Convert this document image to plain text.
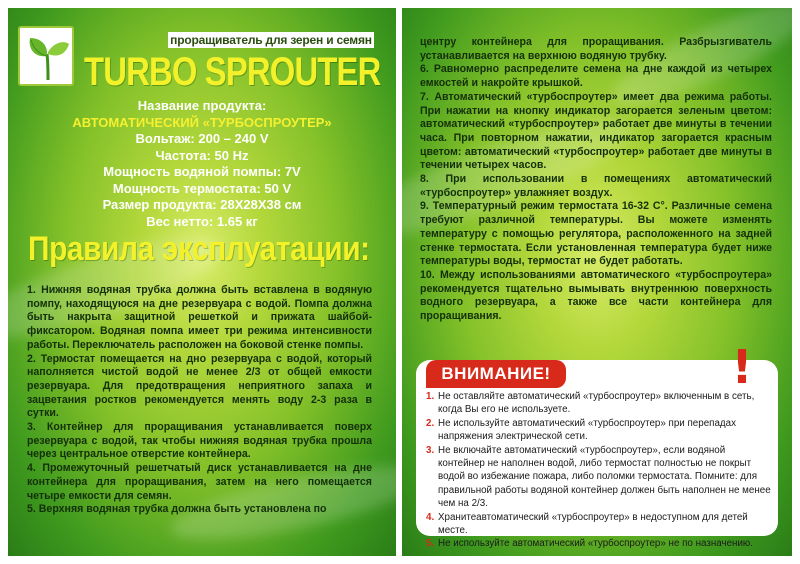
проращиватель для зерен и семян
TURBO SPROUTER
Название продукта:
АВТОМАТИЧЕСКИЙ «ТУРБОСПРОУТЕР»
Вольтаж: 200 – 240 V
Частота: 50 Hz
Мощность водяной помпы: 7V
Мощность термостата: 50 V
Размер продукта: 28X28X38 см
Вес нетто: 1.65 кг
Правила эксплуатации:

1. Нижняя водяная трубка должна быть вставлена в водяную помпу, находящуюся на дне резервуара с водой. Помпа должна быть накрыта защитной решеткой и прижата шайбой-фиксатором. Водяная помпа имеет три режима интенсивности работы. Переключатель расположен на боковой стенке помпы.

2. Термостат помещается на дно резервуара с водой, который наполняется чистой водой не менее 2/3 от общей емкости резервуара. Для предотвращения неприятного запаха и зацветания ростков рекомендуется менять воду 2-3 раза в сутки.

3. Контейнер для проращивания устанавливается поверх резервуара с водой, так чтобы нижняя водяная трубка прошла через центральное отверстие контейнера.

4. Промежуточный решетчатый диск устанавливается на дне контейнера для проращивания, затем на него помещается четыре емкости для семян.

5. Верхняя водяная трубка должна быть установлена по

центру контейнера для проращивания. Разбрызгиватель устанавливается на верхнюю водяную трубку.

6. Равномерно распределите семена на дне каждой из четырех емкостей и накройте крышкой.

7. Автоматический «турбоспроутер» имеет два режима работы. При нажатии на кнопку индикатор загорается зеленым цветом: автоматический «турбоспроутер» работает две минуты в течении часа. При повторном нажатии, индикатор загорается красным цветом: автоматический «турбоспроутер» работает две минуты в течении четырех часов.

8. При использовании в помещениях автоматический «турбоспроутер» увлажняет воздух.

9. Температурный режим термостата 16-32 С°. Различные семена требуют различной температуры. Вы можете изменять температуру с помощью регулятора, расположенного на задней стенке термостата. Если установленная температура будет ниже температуры воды, термостат не будет работать.

10. Между использованиями автоматического «турбоспроутера» рекомендуется тщательно вымывать внутреннюю поверхность водного резервуара, а также все части контейнера для проращивания.

ВНИМАНИЕ!	!
1. Не оставляйте автоматический «турбоспроутер» включенным в сеть, когда Вы его не используете.
2. Не используйте автоматический «турбоспроутер» при перепадах напряжения электрической сети.
3. Не включайте автоматический «турбоспроутер», если водяной контейнер не наполнен водой, либо термостат полностью не покрыт водой во избежание пожара, либо поломки термостата. Помните: для правильной работы водяной контейнер должен быть наполнен не менее чем на 2/3.
4. Хранитеавтоматический «турбоспроутер» в недоступном для детей месте.
5. Не используйте автоматический «турбоспроутер» не по назначению.
